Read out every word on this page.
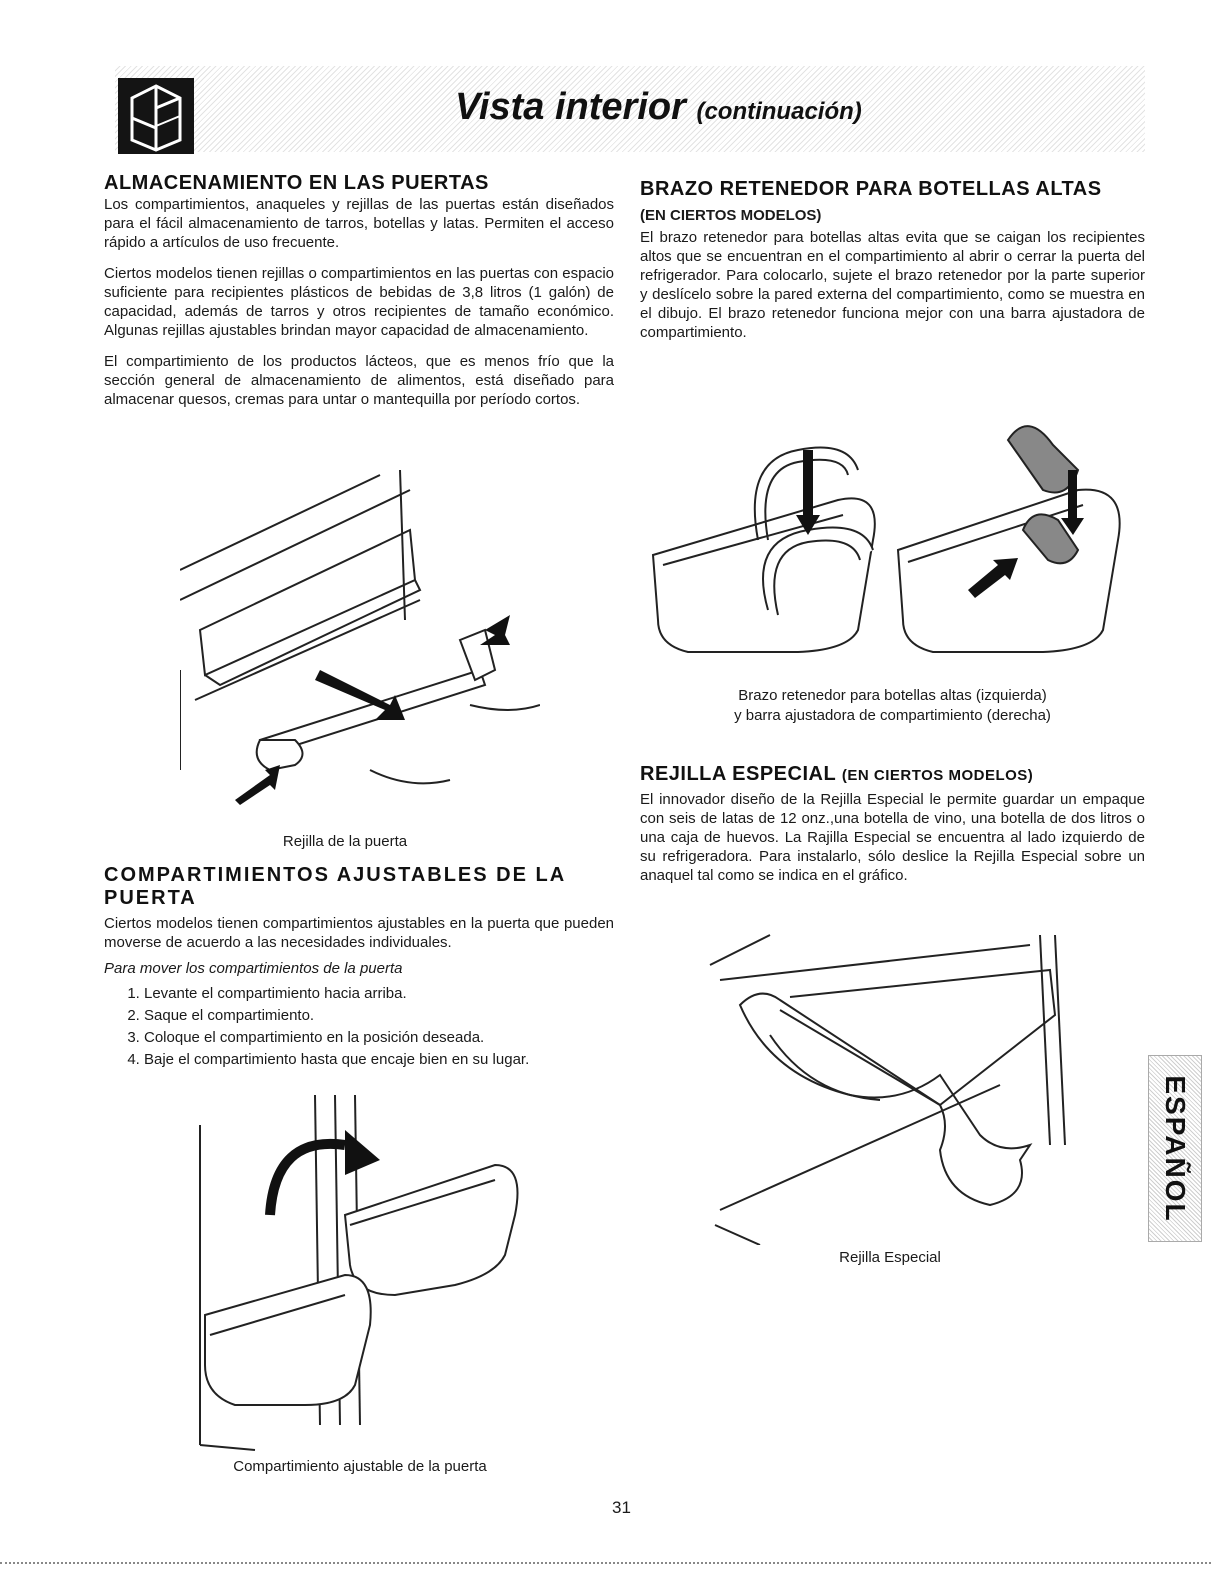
Vista interior (continuación)
ALMACENAMIENTO EN LAS PUERTAS

Los compartimientos, anaqueles y rejillas de las puertas están diseñados para el fácil almacenamiento de tarros, botellas y latas. Permiten el acceso rápido a artículos de uso frecuente.

Ciertos modelos tienen rejillas o compartimientos en las puertas con espacio suficiente para recipientes plásticos de bebidas de 3,8 litros (1 galón) de capacidad, además de tarros y otros recipientes de tamaño económico. Algunas rejillas ajustables brindan mayor capacidad de almacenamiento.

El compartimiento de los productos lácteos, que es menos frío que la sección general de almacenamiento de alimentos, está diseñado para almacenar quesos, cremas para untar o mantequilla por período cortos.

Rejilla de la puerta
COMPARTIMIENTOS AJUSTABLES DE LA PUERTA

Ciertos modelos tienen compartimientos ajustables en la puerta que pueden moverse de acuerdo a las necesidades individuales.

Para mover los compartimientos de la puerta
1. Levante el compartimiento hacia arriba.
2. Saque el compartimiento.
3. Coloque el compartimiento en la posición deseada.
4. Baje el compartimiento hasta que encaje bien en su lugar.
Compartimiento ajustable de la puerta
BRAZO RETENEDOR PARA BOTELLAS ALTAS
(EN CIERTOS MODELOS)

El brazo retenedor para botellas altas evita que se caigan los recipientes altos que se encuentran en el compartimiento al abrir o cerrar la puerta del refrigerador. Para colocarlo, sujete el brazo retenedor por la parte superior y deslícelo sobre la pared externa del compartimiento, como se muestra en el dibujo. El brazo retenedor funciona mejor con una barra ajustadora de compartimiento.

Brazo retenedor para botellas altas (izquierda)
y barra ajustadora de compartimiento (derecha)
REJILLA ESPECIAL (EN CIERTOS MODELOS)

El innovador diseño de la Rejilla Especial le permite guardar un empaque con seis de latas de 12 onz.,una botella de vino, una botella de dos litros o una caja de huevos. La Rajilla Especial se encuentra al lado izquierdo de su refrigeradora. Para instalarlo, sólo deslice la Rejilla Especial sobre un anaquel tal como se indica en el gráfico.

Rejilla Especial
ESPAÑOL
31
